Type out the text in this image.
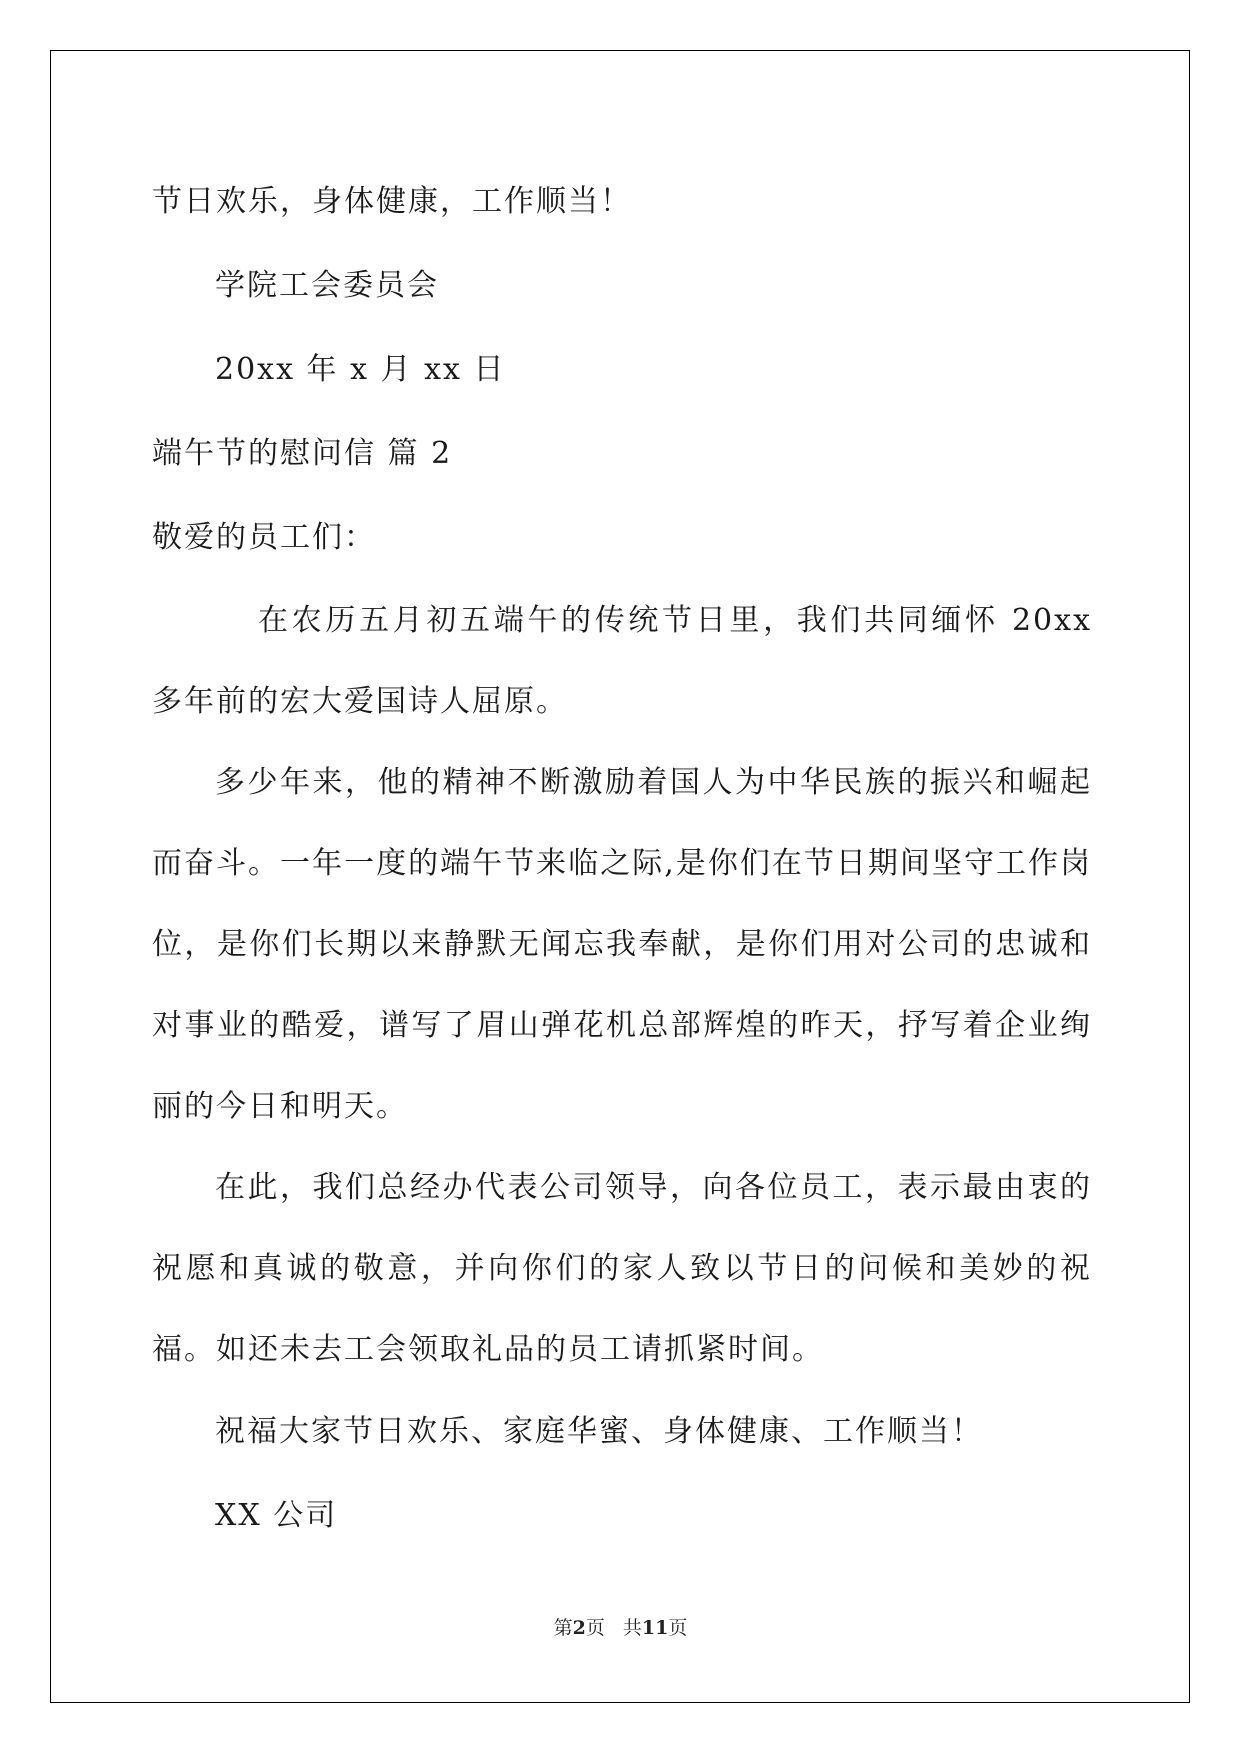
节日欢乐，身体健康，工作顺当！
学院工会委员会
20xx 年 x 月 xx 日
端午节的慰问信 篇 2
敬爱的员工们：

在农历五月初五端午的传统节日里，我们共同缅怀 20xx 多年前的宏大爱国诗人屈原。

多少年来，他的精神不断激励着国人为中华民族的振兴和崛起而奋斗。一年一度的端午节来临之际,是你们在节日期间坚守工作岗位，是你们长期以来静默无闻忘我奉献，是你们用对公司的忠诚和对事业的酷爱，谱写了眉山弹花机总部辉煌的昨天，抒写着企业绚丽的今日和明天。

在此，我们总经办代表公司领导，向各位员工，表示最由衷的祝愿和真诚的敬意，并向你们的家人致以节日的问候和美妙的祝福。如还未去工会领取礼品的员工请抓紧时间。

祝福大家节日欢乐、家庭华蜜、身体健康、工作顺当！
XX 公司
第2页 共11页
